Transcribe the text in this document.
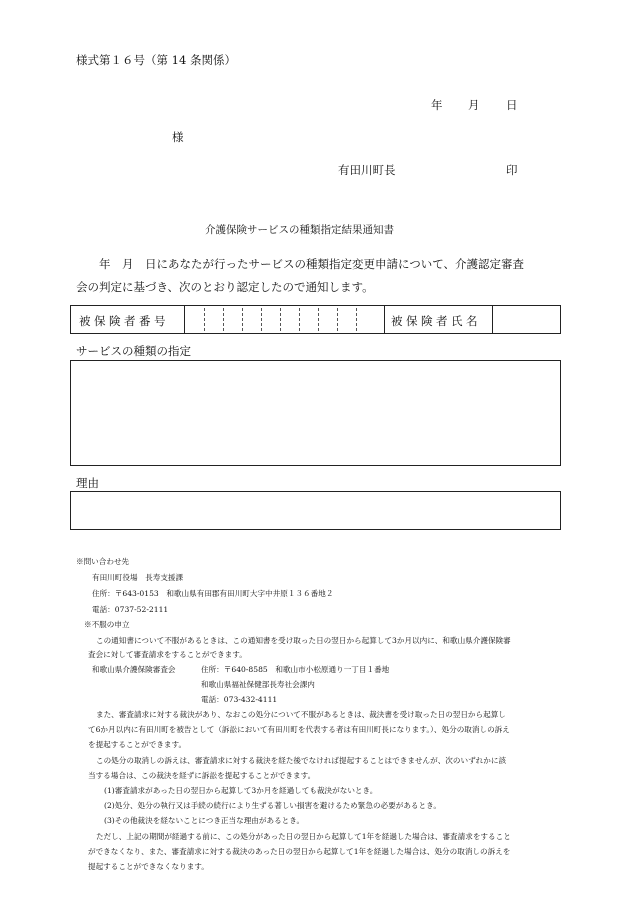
様式第１６号（第 14 条関係）
年 月 日
様
有田川町長	印
介護保険サービスの種類指定結果通知書
　　年　月　日にあなたが行ったサービスの種類指定変更申請について、介護認定審査
会の判定に基づき、次のとおり認定したので通知します。
被保険者番号	被保険者氏名
サービスの種類の指定
理由
※問い合わせ先
有田川町役場　長寿支援課
住所：〒643-0153　和歌山県有田郡有田川町大字中井原１３６番地２
電話：0737-52-2111
※不服の申立
この通知書について不服があるときは、この通知書を受け取った日の翌日から起算して3か月以内に、和歌山県介護保険審
査会に対して審査請求をすることができます。
和歌山県介護保険審査会	住所：〒640-8585　和歌山市小松原通り一丁目１番地
和歌山県福祉保健部長寿社会課内
電話：073-432-4111
また、審査請求に対する裁決があり、なおこの処分について不服があるときは、裁決書を受け取った日の翌日から起算し
て6か月以内に有田川町を被告として（訴訟において有田川町を代表する者は有田川町長になります。）、処分の取消しの訴え
を提起することができます。
この処分の取消しの訴えは、審査請求に対する裁決を経た後でなければ提起することはできませんが、次のいずれかに該
当する場合は、この裁決を経ずに訴訟を提起することができます。
(1)審査請求があった日の翌日から起算して3か月を経過しても裁決がないとき。
(2)処分、処分の執行又は手続の続行により生ずる著しい損害を避けるため緊急の必要があるとき。
(3)その他裁決を経ないことにつき正当な理由があるとき。
ただし、上記の期間が経過する前に、この処分があった日の翌日から起算して1年を経過した場合は、審査請求をすること
ができなくなり、また、審査請求に対する裁決のあった日の翌日から起算して1年を経過した場合は、処分の取消しの訴えを
提起することができなくなります。
